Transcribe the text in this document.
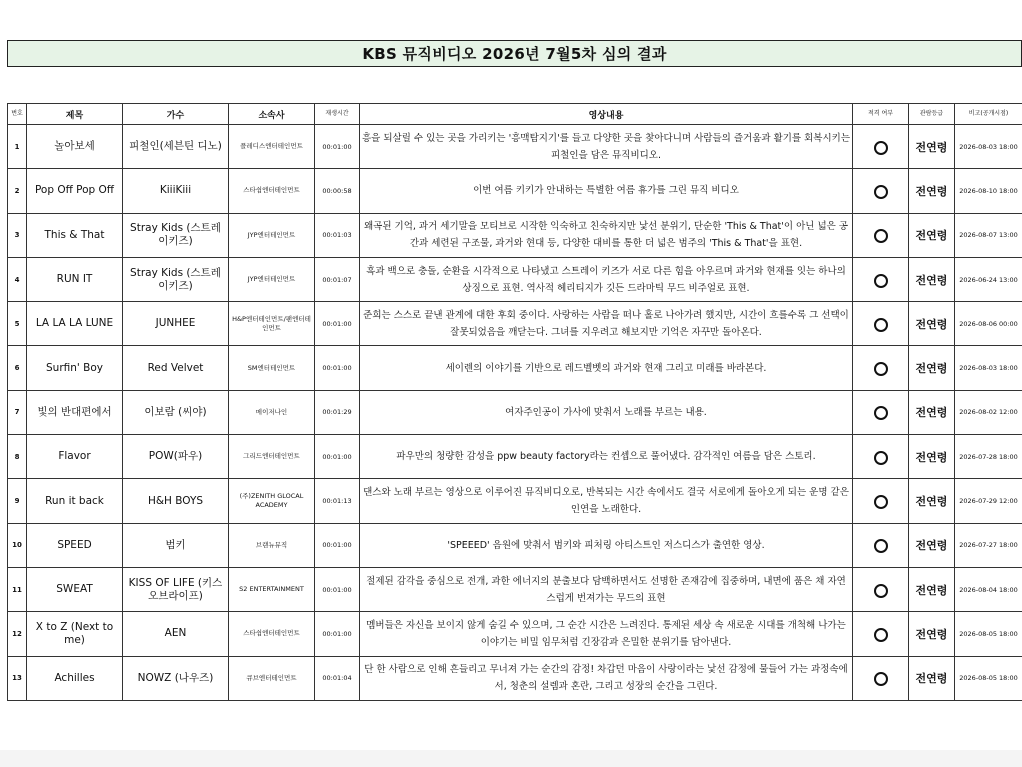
KBS 뮤직비디오 2026년 7월5차 심의 결과
번호	제목	가수	소속사	재생시간	영상내용	적격 여부	관람등급	비고(공개시점)
1	놀아보세	피철인(세븐틴 디노)	플레디스엔터테인먼트	00:01:00	흥을 되살릴 수 있는 곳을 가리키는 '흥맥탐지기'를 들고 다양한 곳을 찾아다니며 사람들의 즐거움과 활기를 회복시키는 피철인을 담은 뮤직비디오.		전연령	2026-08-03 18:00
2	Pop Off Pop Off	KiiiKiii	스타쉽엔터테인먼트	00:00:58	이번 여름 키키가 안내하는 특별한 여름 휴가를 그린 뮤직 비디오		전연령	2026-08-10 18:00
3	This & That	Stray Kids (스트레이키즈)	JYP엔터테인먼트	00:01:03	왜곡된 기억, 과거 세기말을 모티브로 시작한 익숙하고 친숙하지만 낯선 분위기, 단순한 'This & That'이 아닌 넓은 공간과 세련된 구조물, 과거와 현대 등, 다양한 대비를 통한 더 넓은 범주의 'This & That'을 표현.		전연령	2026-08-07 13:00
4	RUN IT	Stray Kids (스트레이키즈)	JYP엔터테인먼트	00:01:07	흑과 백으로 충돌, 순환을 시각적으로 나타냈고 스트레이 키즈가 서로 다른 힘을 아우르며 과거와 현재를 잇는 하나의 상징으로 표현. 역사적 헤리티지가 깃든 드라마틱 무드 비주얼로 표현.		전연령	2026-06-24 13:00
5	LA LA LA LUNE	JUNHEE	H&P엔터테인먼트/팬엔터테인먼트	00:01:00	준희는 스스로 끝낸 관계에 대한 후회 중이다. 사랑하는 사람을 떠나 홀로 나아가려 했지만, 시간이 흐를수록 그 선택이 잘못되었음을 깨닫는다. 그녀를 지우려고 해보지만 기억은 자꾸만 돌아온다.		전연령	2026-08-06 00:00
6	Surfin' Boy	Red Velvet	SM엔터테인먼트	00:01:00	세이렌의 이야기를 기반으로 레드벨벳의 과거와 현재 그리고 미래를 바라본다.		전연령	2026-08-03 18:00
7	빛의 반대편에서	이보람 (씨야)	메이저나인	00:01:29	여자주인공이 가사에 맞춰서 노래를 부르는 내용.		전연령	2026-08-02 12:00
8	Flavor	POW(파우)	그리드엔터테인먼트	00:01:00	파우만의 청량한 감성을 ppw beauty factory라는 컨셉으로 풀어냈다. 감각적인 여름을 담은 스토리.		전연령	2026-07-28 18:00
9	Run it back	H&H BOYS	(주)ZENITH GLOCAL ACADEMY	00:01:13	댄스와 노래 부르는 영상으로 이루어진 뮤직비디오로, 반복되는 시간 속에서도 결국 서로에게 돌아오게 되는 운명 같은 인연을 노래한다.		전연령	2026-07-29 12:00
10	SPEED	범키	브랜뉴뮤직	00:01:00	'SPEEED' 음원에 맞춰서 범키와 피처링 아티스트인 저스디스가 출연한 영상.		전연령	2026-07-27 18:00
11	SWEAT	KISS OF LIFE (키스오브라이프)	S2 ENTERTAINMENT	00:01:00	절제된 감각을 중심으로 전개, 과한 에너지의 분출보다 담백하면서도 선명한 존재감에 집중하며, 내면에 품은 채 자연스럽게 번져가는 무드의 표현		전연령	2026-08-04 18:00
12	X to Z (Next to me)	AEN	스타쉽엔터테인먼트	00:01:00	멤버들은 자신을 보이지 않게 숨길 수 있으며, 그 순간 시간은 느려진다. 통제된 세상 속 새로운 시대를 개척해 나가는 이야기는 비밀 임무처럼 긴장감과 은밀한 분위기를 담아낸다.		전연령	2026-08-05 18:00
13	Achilles	NOWZ (나우즈)	큐브엔터테인먼트	00:01:04	단 한 사람으로 인해 흔들리고 무너져 가는 순간의 감정! 차갑던 마음이 사랑이라는 낯선 감정에 물들어 가는 과정속에서, 청춘의 설렘과 혼란, 그리고 성장의 순간을 그린다.		전연령	2026-08-05 18:00
